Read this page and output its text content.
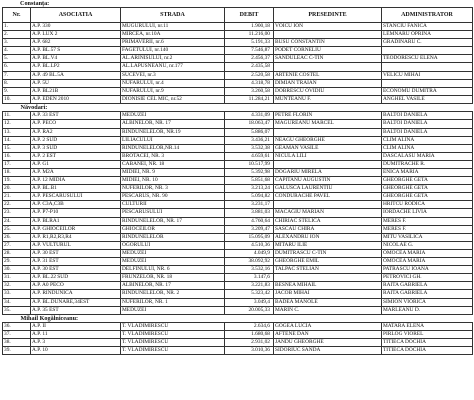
Constanța:
Nr.	ASOCIATIA	STRADA	DEBIT	PRESEDINTE	ADMINISTRATOR
1.	A.P. 330	MUGURULUI, nr.11	1.900,18	VOICU ION	STANCIU FANICA
2.	A.P. LUX 2	MIRCEA, nr.10A	11.216,00		LEMNARU OPRINA
3.	A.P. 682	PRIMAVERII, nr.6	5.191,33	BUSU CONSTANTIN	GRADINARU C.
4.	A.P. BL.57 S	FAGETULUI, nr.140	7.546,87	PODET CORNELIU	
5.	A.P. BL.V4	AL.ARINISULUI, nr.2	2.456,37	SANDULEAC C-TIN	TEODORESCU ELENA
6.	A.P. BL.LP2	AL.LAPUSNEANU, nr.177	2.435,58		
7.	A.P. 49 BL.5A	SUCEVEI, nr.3	2.520,58	ARTENIE COSTEL	VELICU MIHAI
8.	A.P. 5U	NUFARULUI, nr.4	4.318,78	DIMIAN TRAIAN	
9.	A.P. BL21B	NUFARULUI, nr.9	3.260,58	DOBRESCU OVIDIU	ECONOMU DUMITRA
10.	A.P. EDEN 2010	DIONISIE CEL MIC, nr.52	11.284,21	MUNTEANU F.	ANGHEL VASILE
Năvodari:					
11.	A.P. 33 EST	MEDUZEI	4.331,09	PETRE FLORIN	BALTOI DANIELA
12.	A.P. PECO	ALBINELOR, NR. 17	18.063,47	MAGUREANU MARCEL	BALTOI DANIELA
13.	A.P. RA2	RINDUNELELOR, NR.19	5.886,07		BALTOI DANIELA
14.	A.P. 2 SUD	LILIACULUI	3.436,21	NEAGU GHEORGHE	CLIM ALINA
15.	A.P. 3 SUD	RINDUNELELOR,NR.14	3.532,38	GEAMAN VASILE	CLIM ALINA
16.	A.P. 2 EST	BROTACEI, NR. 3	4.659,61	NICULA LILI	DASCALASU MARIA
17.	A.P. G1	CABANEI, NR. 18	10.517,99		DUMITRACHE R.
18.	A.P. M2A	MIDIEI, NR. 9	5.392,98	DOGARIU MIRELA	ENICA MARIA
19.	A.P. 12 MIDIA	MIDIEI, NR. 10	5.851,68	CAPITANU AUGUSTIN	GHEORGHE GETA
20.	A.P. BL.B1	NUFERILOR, NR. 3	3.213,24	GALUSCA LAURENTIU	GHEORGHE GETA
21.	A.P. PESCARUSULUI	PESCARUS, NR. 90	5.094,82	CONDURACHE PAVEL	GHEORGHE GETA
22.	A.P. C3A,C3B	CULTURII	3.231,17		HRITCU RODICA
23.	A.P. P7-P10	PESCARUSULUI	3.881,03	MACAGIU MARIAN	IORDACHE LIVIA
24.	A.P. BLRA1	RINDUNELELOR, NR. 17	4.760,64	CHIRIAC STELICA	MERES F.
25.	A.P. GHIOCEILOR	GHIOCEILOR	3.209,47	SASCAU CHIRA	MERES F.
26.	A.P. R1,R2,R3,R4	RINDUNELELOR	15.095,09	ALEXANDRU ION	MITU VASILICA
27.	A.P. VULTURUL	OGORULUI	4.510,36	MITARU ILIE	NICOLAE G.
28.	A.P. 30 EST	MEDUZEI	4.049,9	DUMITRASCU C-TIN	OMOCEA MARIA
29.	A.P. 31 EST	MEDUZEI	38.092,92	GHEORGHE EMIL	OMOCEA MARIA
30.	A.P. 30 EST	DELFINULUI, NR. 6	3.532,16	TALPAC STELIAN	PATRASCU IOANA
31.	A.P. BL.22 SUD	FRUNZELOR, NR. 18	3.147,6		PETROVICI GH.
32.	A.P. A0 PECO	ALBINELOR, NR. 17	3.221,83	BESNEA MIHAIL	RAITA GABRIELA
33.	A.P. RINDUNICA	RINDUNELELOR, NR. 2	5.323,42	JACOB MIHAI	RAITA GABRIELA
34.	A.P. BL.DUNARE,34EST	NUFERILOR, NR. 1	3.049,4	BADEA MANOLE	SIMION VIORICA
35.	A.P. 35 EST	MEDUZEI	20.005,33	MARIN C.	MARLEANU D.
Mihail Kogălniceanu:					
36.	A.P. II	T. VLADIMIRESCU	2.634,6	GOGEA LUCIA	MATARA ELENA
37.	A.P. 11	T. VLADIMIRESCU	1.680,68	AFTENE DAN	PIRLOG VIOREL
38.	A.P. 3	T. VLADIMIRESCU	2.931,02	JANDU GHEORGHE	TITIECA DOCHIA
39.	A.P. 10	T. VLADIMIRESCU	3.010,36	SIDORIUC SANDA	TITIECA DOCHIA
